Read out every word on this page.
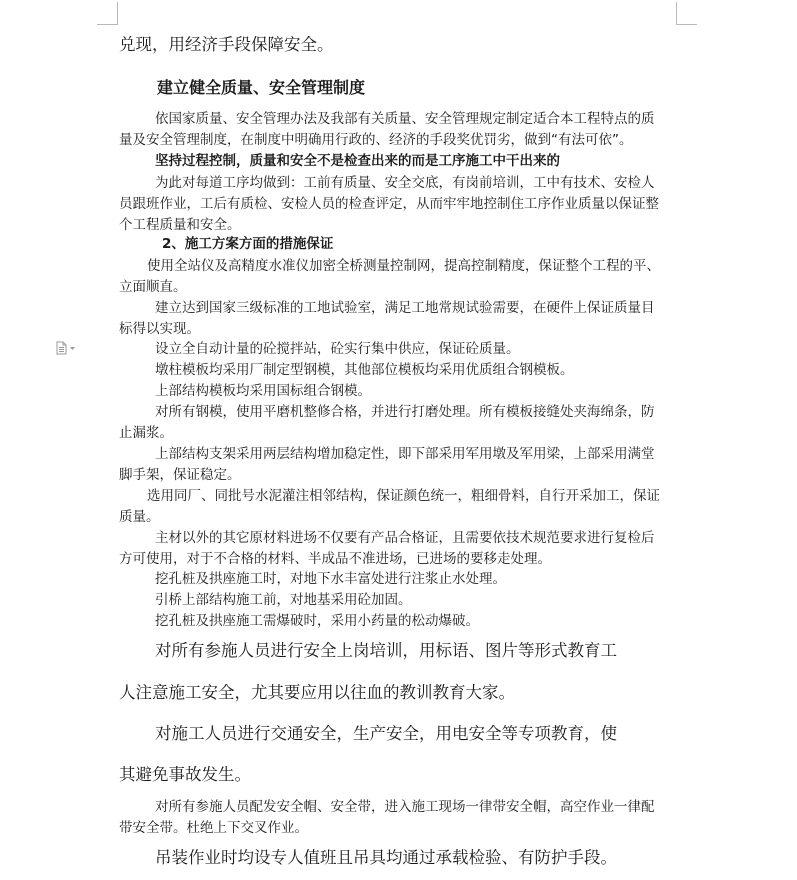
兑现，用经济手段保障安全。

建立健全质量、安全管理制度

依国家质量、安全管理办法及我部有关质量、安全管理规定制定适合本工程特点的质

量及安全管理制度，在制度中明确用行政的、经济的手段奖优罚劣，做到“有法可依”。

坚持过程控制，质量和安全不是检查出来的而是工序施工中干出来的

为此对每道工序均做到：工前有质量、安全交底，有岗前培训，工中有技术、安检人

员跟班作业，工后有质检、安检人员的检查评定，从而牢牢地控制住工序作业质量以保证整

个工程质量和安全。

2、施工方案方面的措施保证

使用全站仪及高精度水准仪加密全桥测量控制网，提高控制精度，保证整个工程的平、

立面顺直。

建立达到国家三级标准的工地试验室，满足工地常规试验需要，在硬件上保证质量目

标得以实现。

设立全自动计量的砼搅拌站，砼实行集中供应，保证砼质量。

墩柱模板均采用厂制定型钢模，其他部位模板均采用优质组合钢模板。

上部结构模板均采用国标组合钢模。

对所有钢模，使用平磨机整修合格，并进行打磨处理。所有模板接缝处夹海绵条，防

止漏浆。

上部结构支架采用两层结构增加稳定性，即下部采用军用墩及军用梁，上部采用满堂

脚手架，保证稳定。

选用同厂、同批号水泥灌注相邻结构，保证颜色统一，粗细骨料，自行开采加工，保证

质量。

主材以外的其它原材料进场不仅要有产品合格证，且需要依技术规范要求进行复检后

方可使用，对于不合格的材料、半成品不准进场，已进场的要移走处理。

挖孔桩及拱座施工时，对地下水丰富处进行注浆止水处理。

引桥上部结构施工前，对地基采用砼加固。

挖孔桩及拱座施工需爆破时，采用小药量的松动爆破。

对所有参施人员进行安全上岗培训，用标语、图片等形式教育工

人注意施工安全，尤其要应用以往血的教训教育大家。

对施工人员进行交通安全，生产安全，用电安全等专项教育，使

其避免事故发生。

对所有参施人员配发安全帽、安全带，进入施工现场一律带安全帽，高空作业一律配

带安全带。杜绝上下交叉作业。

吊装作业时均设专人值班且吊具均通过承载检验、有防护手段。
